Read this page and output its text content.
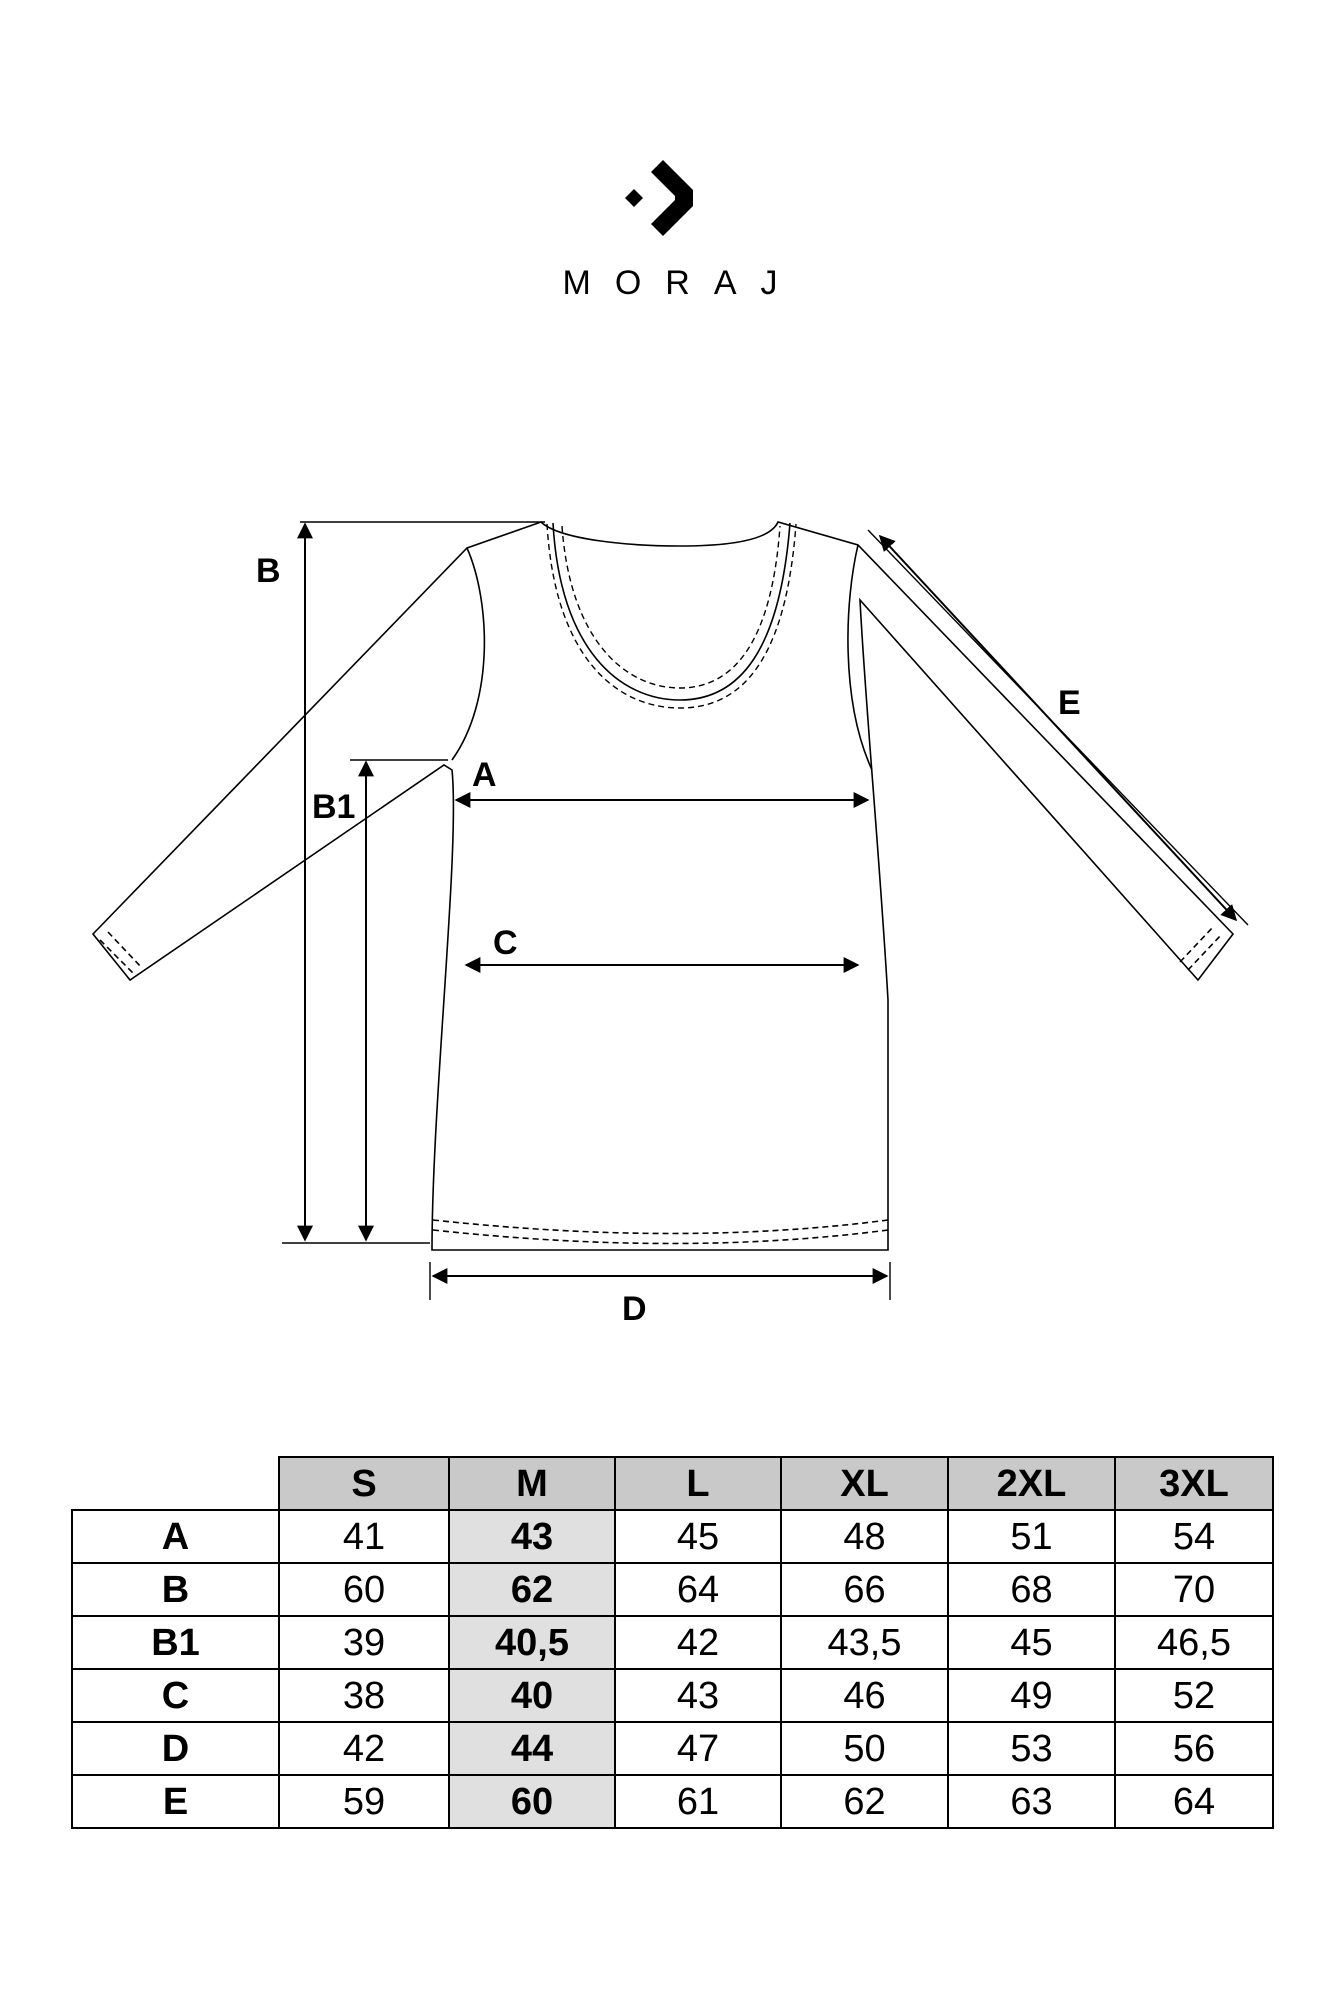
MORAJ
B
B1
A
C
D
E
	S	M	L	XL	2XL	3XL
A	41	43	45	48	51	54
B	60	62	64	66	68	70
B1	39	40,5	42	43,5	45	46,5
C	38	40	43	46	49	52
D	42	44	47	50	53	56
E	59	60	61	62	63	64
